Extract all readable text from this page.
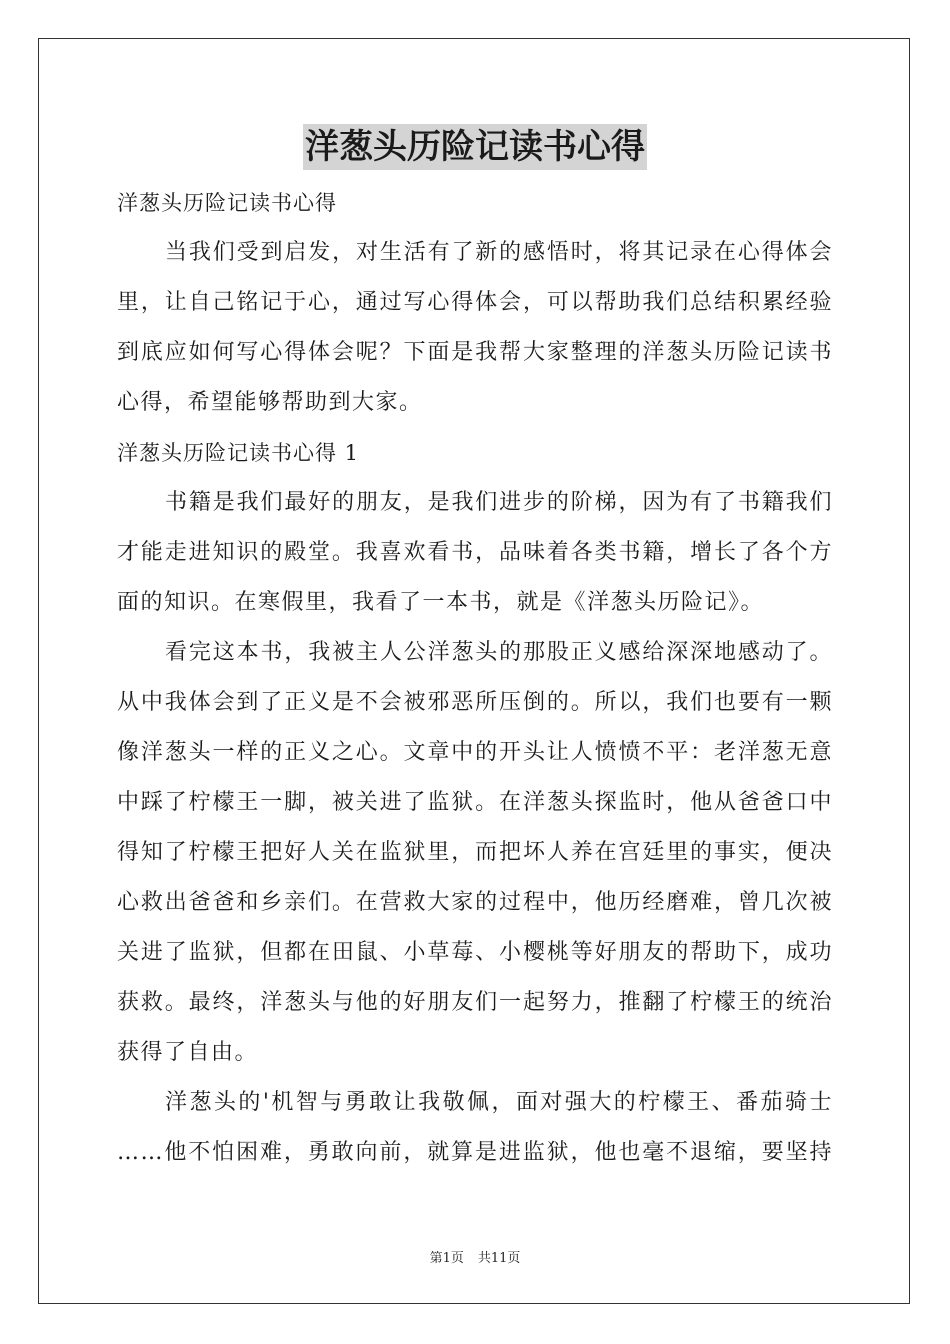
洋葱头历险记读书心得
洋葱头历险记读书心得
当我们受到启发，对生活有了新的感悟时，将其记录在心得体会
里，让自己铭记于心，通过写心得体会，可以帮助我们总结积累经验
到底应如何写心得体会呢？下面是我帮大家整理的洋葱头历险记读书
心得，希望能够帮助到大家。
洋葱头历险记读书心得 1
书籍是我们最好的朋友，是我们进步的阶梯，因为有了书籍我们
才能走进知识的殿堂。我喜欢看书，品味着各类书籍，增长了各个方
面的知识。在寒假里，我看了一本书，就是《洋葱头历险记》。
看完这本书，我被主人公洋葱头的那股正义感给深深地感动了。
从中我体会到了正义是不会被邪恶所压倒的。所以，我们也要有一颗
像洋葱头一样的正义之心。文章中的开头让人愤愤不平：老洋葱无意
中踩了柠檬王一脚，被关进了监狱。在洋葱头探监时，他从爸爸口中
得知了柠檬王把好人关在监狱里，而把坏人养在宫廷里的事实，便决
心救出爸爸和乡亲们。在营救大家的过程中，他历经磨难，曾几次被
关进了监狱，但都在田鼠、小草莓、小樱桃等好朋友的帮助下，成功
获救。最终，洋葱头与他的好朋友们一起努力，推翻了柠檬王的统治
获得了自由。
洋葱头的'机智与勇敢让我敬佩，面对强大的柠檬王、番茄骑士
……他不怕困难，勇敢向前，就算是进监狱，他也毫不退缩，要坚持
第1页 共11页
